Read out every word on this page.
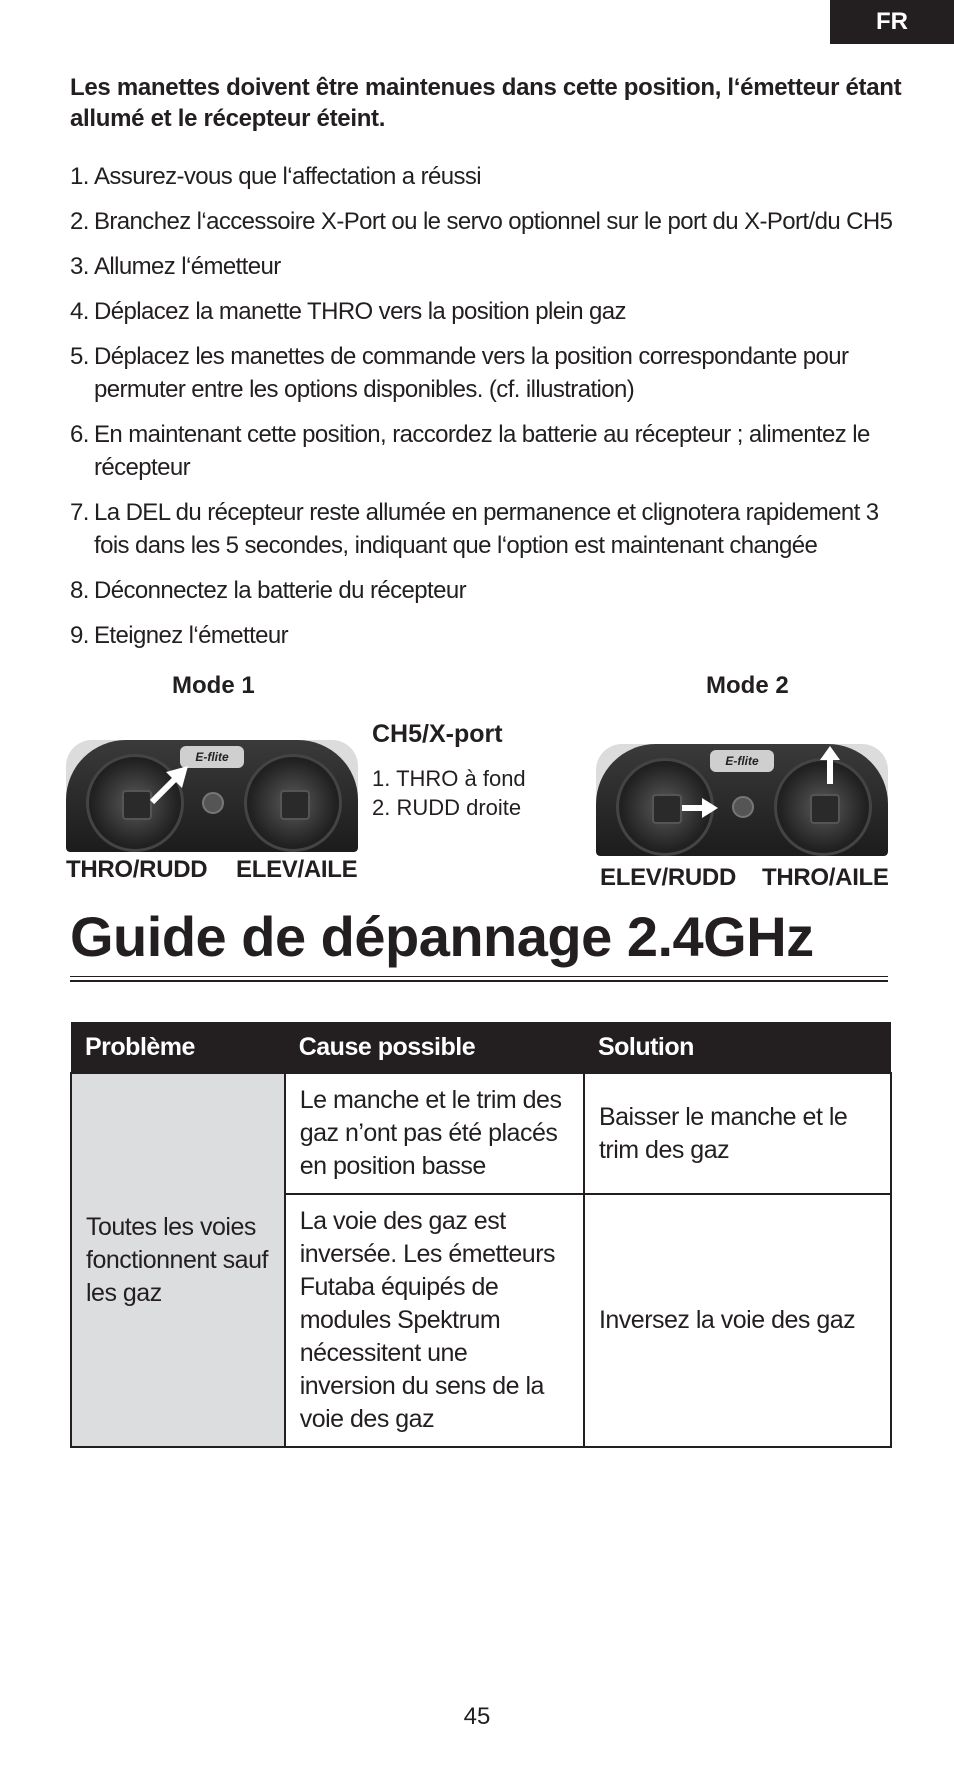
FR
Les manettes doivent être maintenues dans cette position, l‘émetteur étant allumé et le récepteur éteint.
1. Assurez-vous que l‘affectation a réussi
2. Branchez l‘accessoire X-Port ou le servo optionnel sur le port du X-Port/du CH5
3. Allumez l‘émetteur
4. Déplacez la manette THRO vers la position plein gaz
5. Déplacez les manettes de commande vers la position correspondante pour permuter entre les options disponibles. (cf. illustration)
6. En maintenant cette position, raccordez la batterie au récepteur ; alimentez le récepteur
7. La DEL du récepteur reste allumée en permanence et clignotera rapidement 3 fois dans les 5 secondes, indiquant que l‘option est maintenant changée
8. Déconnectez la batterie du récepteur
9. Eteignez l‘émetteur
Mode 1
E-flite
THRO/RUDD ELEV/AILE
CH5/X-port
1. THRO à fond
2. RUDD droite
Mode 2
E-flite
ELEV/RUDD THRO/AILE
Guide de dépannage 2.4GHz
Problème	Cause possible	Solution
Toutes les voies fonctionnent sauf les gaz	Le manche et le trim des gaz n’ont pas été placés en position basse	Baisser le manche et le trim des gaz
	La voie des gaz est inversée. Les émetteurs Futaba équipés de modules Spektrum nécessitent une inversion du sens de la voie des gaz	Inversez la voie des gaz
45
